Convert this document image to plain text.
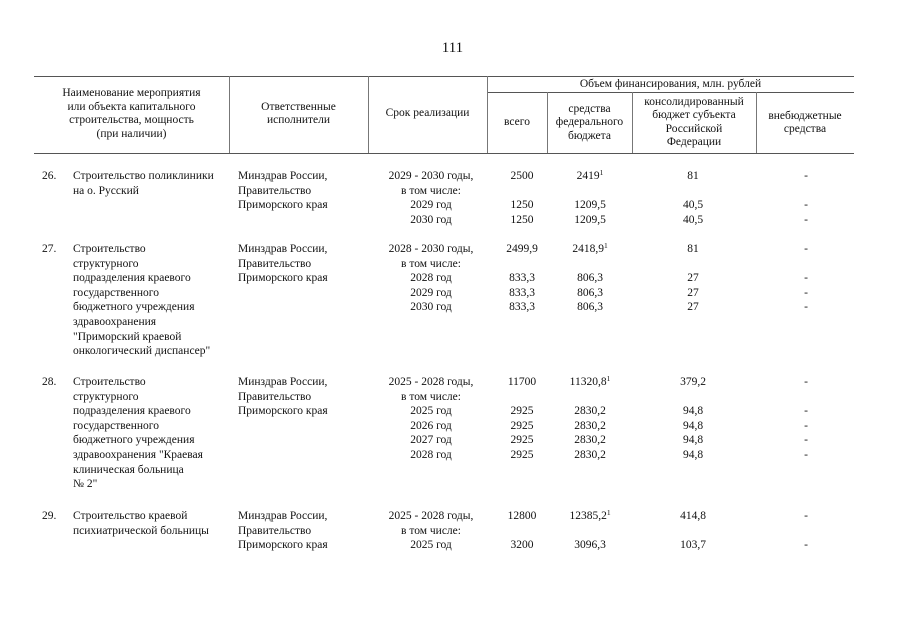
111
Наименование мероприятия
или объекта капитального
строительства, мощность
(при наличии)
Ответственные
исполнители
Срок реализации
Объем финансирования, млн. рублей
всего
средства
федерального
бюджета
консолидированный
бюджет субъекта
Российской
Федерации
внебюджетные
средства
26. Строительство поликлиники
на о. Русский
Минздрав России,
Правительство
Приморского края
2029 - 2030 годы,
в том числе:
2029 год
2030 год
2500
1250
1250
2419$^1$
1209,5
1209,5
81
40,5
40,5
-
-
-
27. Строительство
структурного
подразделения краевого
государственного
бюджетного учреждения
здравоохранения
"Приморский краевой
онкологический диспансер"
Минздрав России,
Правительство
Приморского края
2028 - 2030 годы,
в том числе:
2028 год
2029 год
2030 год
2499,9
833,3
833,3
833,3
2418,9$^1$
806,3
806,3
806,3
81
27
27
27
-
-
-
-
28. Строительство
структурного
подразделения краевого
государственного
бюджетного учреждения
здравоохранения "Краевая
клиническая больница
№ 2"
Минздрав России,
Правительство
Приморского края
2025 - 2028 годы,
в том числе:
2025 год
2026 год
2027 год
2028 год
11700
2925
2925
2925
2925
11320,8$^1$
2830,2
2830,2
2830,2
2830,2
379,2
94,8
94,8
94,8
94,8
-
-
-
-
-
29. Строительство краевой
психиатрической больницы
Минздрав России,
Правительство
Приморского края
2025 - 2028 годы,
в том числе:
2025 год
12800
3200
12385,2$^1$
3096,3
414,8
103,7
-
-
